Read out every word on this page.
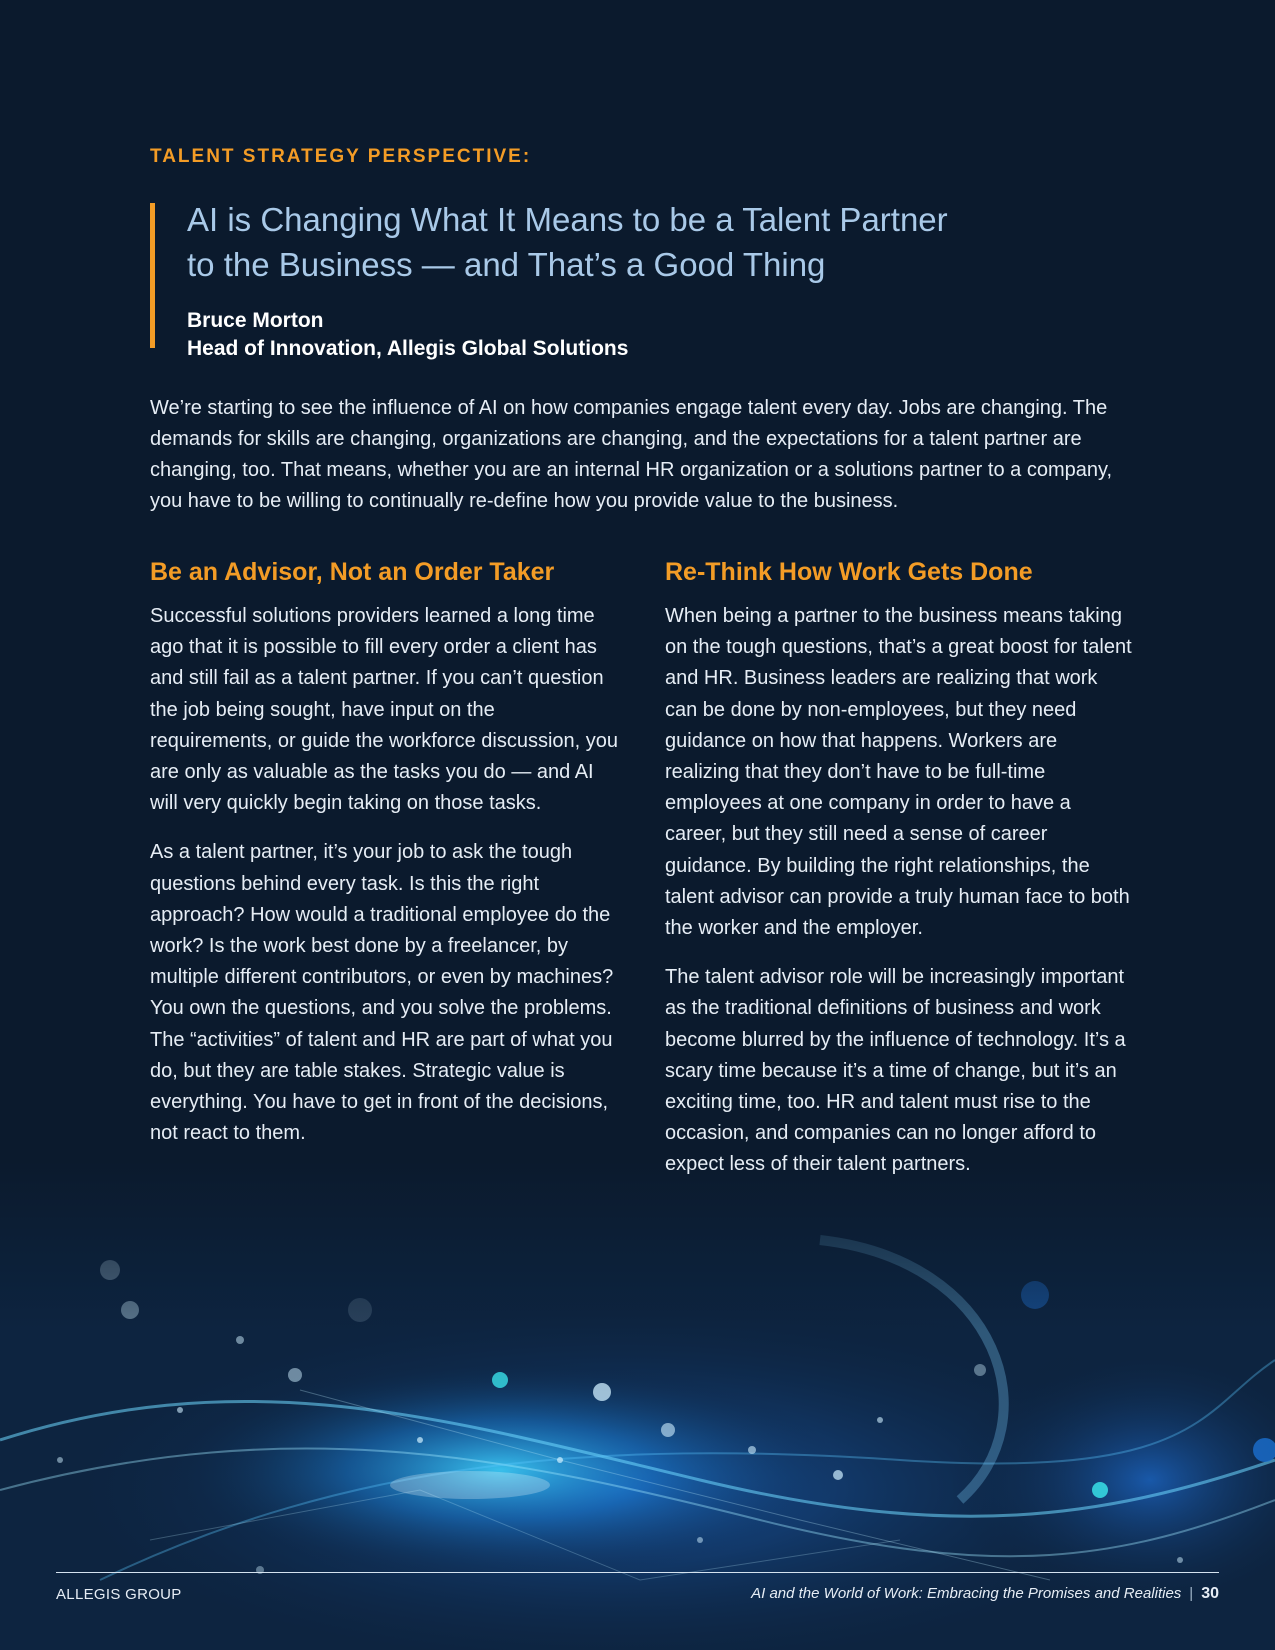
TALENT STRATEGY PERSPECTIVE:
AI is Changing What It Means to be a Talent Partner
to the Business — and That’s a Good Thing
Bruce Morton
Head of Innovation, Allegis Global Solutions

We’re starting to see the influence of AI on how companies engage talent every day. Jobs are changing. The demands for skills are changing, organizations are changing, and the expectations for a talent partner are changing, too. That means, whether you are an internal HR organization or a solutions partner to a company, you have to be willing to continually re-define how you provide value to the business.

Be an Advisor, Not an Order Taker

Successful solutions providers learned a long time ago that it is possible to fill every order a client has and still fail as a talent partner. If you can’t question the job being sought, have input on the requirements, or guide the workforce discussion, you are only as valuable as the tasks you do — and AI will very quickly begin taking on those tasks.

As a talent partner, it’s your job to ask the tough questions behind every task. Is this the right approach? How would a traditional employee do the work? Is the work best done by a freelancer, by multiple different contributors, or even by machines? You own the questions, and you solve the problems. The “activities” of talent and HR are part of what you do, but they are table stakes. Strategic value is everything. You have to get in front of the decisions, not react to them.

Re-Think How Work Gets Done

When being a partner to the business means taking on the tough questions, that’s a great boost for talent and HR. Business leaders are realizing that work can be done by non-employees, but they need guidance on how that happens. Workers are realizing that they don’t have to be full-time employees at one company in order to have a career, but they still need a sense of career guidance. By building the right relationships, the talent advisor can provide a truly human face to both the worker and the employer.

The talent advisor role will be increasingly important as the traditional definitions of business and work become blurred by the influence of technology. It’s a scary time because it’s a time of change, but it’s an exciting time, too. HR and talent must rise to the occasion, and companies can no longer afford to expect less of their talent partners.

ALLEGIS GROUP	AI and the World of Work: Embracing the Promises and Realities | 30
